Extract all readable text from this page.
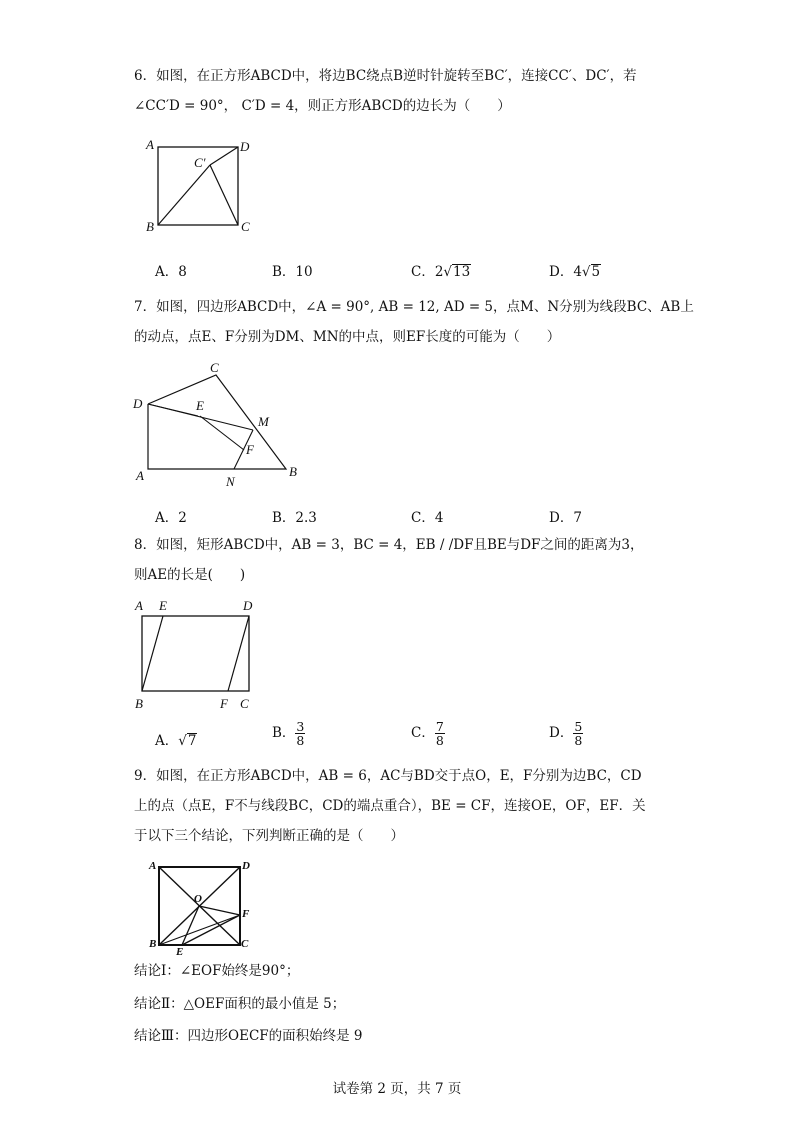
6．如图，在正方形ABCD中，将边BC绕点B逆时针旋转至BC′，连接CC′、DC′，若
∠CC′D = 90°， C′D = 4，则正方形ABCD的边长为（　　）
A	D
C′
B	C
A．8	B．10	C．2√13	D．4√5
7．如图，四边形ABCD中，∠A = 90°, AB = 12, AD = 5，点M、N分别为线段BC、AB上
的动点，点E、F分别为DM、MN的中点，则EF长度的可能为（　　）
D
C
E
M
F
A	N
B
A．2	B．2.3	C．4	D．7
8．如图，矩形ABCD中，AB = 3，BC = 4，EB / /DF且BE与DF之间的距离为3，
则AE的长是(　　)
A E	D
B	F C
A．√7	B． $\frac{3}{8}$	C． $\frac{7}{8}$	D． $\frac{5}{8}$
9．如图，在正方形ABCD中，AB = 6，AC与BD交于点O，E，F分别为边BC，CD
上的点（点E，F不与线段BC，CD的端点重合），BE = CF，连接OE，OF，EF．关
于以下三个结论，下列判断正确的是（　　）
A	D
O
F
B
E
C
结论Ⅰ：∠EOF始终是90°；
结论Ⅱ：△OEF面积的最小值是 5；
结论Ⅲ：四边形OECF的面积始终是 9
试卷第 2 页，共 7 页
